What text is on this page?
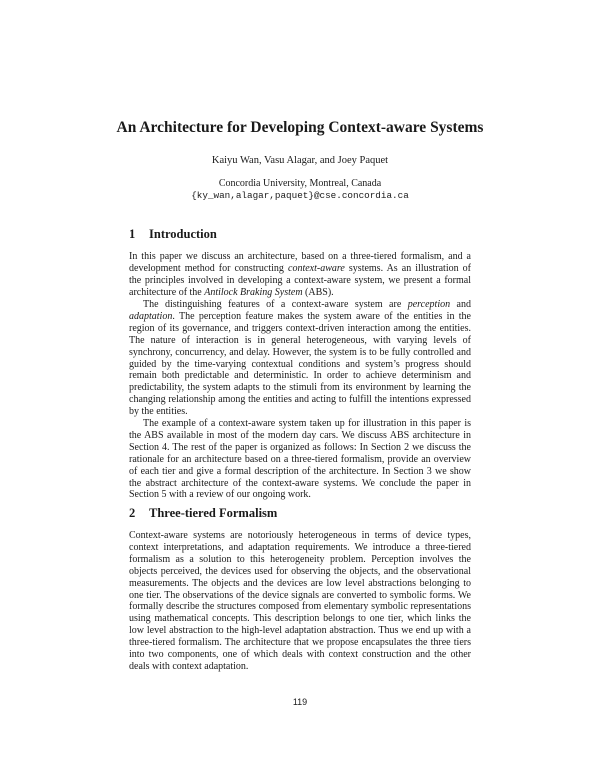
An Architecture for Developing Context-aware Systems
Kaiyu Wan, Vasu Alagar, and Joey Paquet
Concordia University, Montreal, Canada
{ky_wan,alagar,paquet}@cse.concordia.ca
1 Introduction

In this paper we discuss an architecture, based on a three-tiered formalism, and a development method for constructing context-aware systems. As an illustration of the principles involved in developing a context-aware system, we present a formal architecture of the Antilock Braking System (ABS).

The distinguishing features of a context-aware system are perception and adaptation. The perception feature makes the system aware of the entities in the region of its governance, and triggers context-driven interaction among the entities. The nature of interaction is in general heterogeneous, with varying levels of synchrony, concurrency, and delay. However, the system is to be fully controlled and guided by the time-varying contextual conditions and system’s progress should remain both predictable and deterministic. In order to achieve determinism and predictability, the system adapts to the stimuli from its environment by learning the changing relationship among the entities and acting to fulfill the intentions expressed by the entities.

The example of a context-aware system taken up for illustration in this paper is the ABS available in most of the modern day cars. We discuss ABS architecture in Section 4. The rest of the paper is organized as follows: In Section 2 we discuss the rationale for an architecture based on a three-tiered formalism, provide an overview of each tier and give a formal description of the architecture. In Section 3 we show the abstract architecture of the context-aware systems. We conclude the paper in Section 5 with a review of our ongoing work.

2 Three-tiered Formalism

Context-aware systems are notoriously heterogeneous in terms of device types, context interpretations, and adaptation requirements. We introduce a three-tiered formalism as a solution to this heterogeneity problem. Perception involves the objects perceived, the devices used for observing the objects, and the observational measurements. The objects and the devices are low level abstractions belonging to one tier. The observations of the device signals are converted to symbolic forms. We formally describe the structures composed from elementary symbolic representations using mathematical concepts. This description belongs to one tier, which links the low level abstraction to the high-level adaptation abstraction. Thus we end up with a three-tiered formalism. The architecture that we propose encapsulates the three tiers into two components, one of which deals with context construction and the other deals with context adaptation.

119
